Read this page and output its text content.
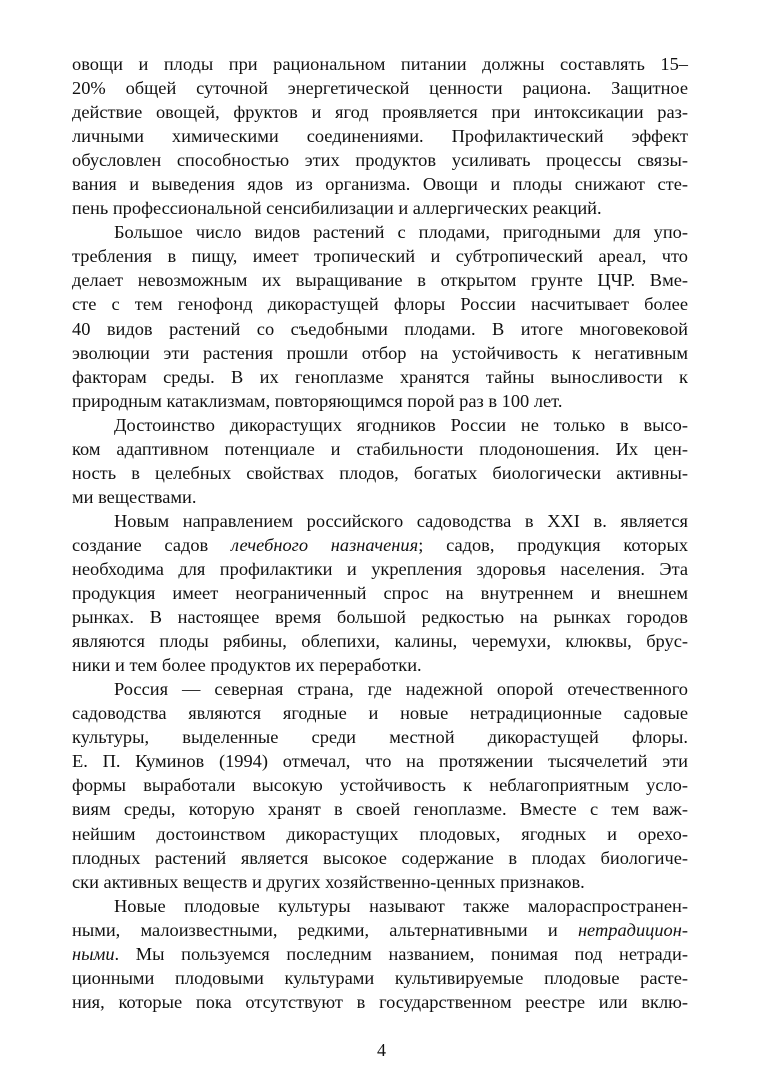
овощи и плоды при рациональном питании должны составлять 15–
20% общей суточной энергетической ценности рациона. Защитное
действие овощей, фруктов и ягод проявляется при интоксикации раз-
личными химическими соединениями. Профилактический эффект
обусловлен способностью этих продуктов усиливать процессы связы-
вания и выведения ядов из организма. Овощи и плоды снижают сте-
пень профессиональной сенсибилизации и аллергических реакций.
Большое число видов растений с плодами, пригодными для упо-
требления в пищу, имеет тропический и субтропический ареал, что
делает невозможным их выращивание в открытом грунте ЦЧР. Вме-
сте с тем генофонд дикорастущей флоры России насчитывает более
40 видов растений со съедобными плодами. В итоге многовековой
эволюции эти растения прошли отбор на устойчивость к негативным
факторам среды. В их геноплазме хранятся тайны выносливости к
природным катаклизмам, повторяющимся порой раз в 100 лет.
Достоинство дикорастущих ягодников России не только в высо-
ком адаптивном потенциале и стабильности плодоношения. Их цен-
ность в целебных свойствах плодов, богатых биологически активны-
ми веществами.
Новым направлением российского садоводства в XXI в. является
создание садов лечебного назначения; садов, продукция которых
необходима для профилактики и укрепления здоровья населения. Эта
продукция имеет неограниченный спрос на внутреннем и внешнем
рынках. В настоящее время большой редкостью на рынках городов
являются плоды рябины, облепихи, калины, черемухи, клюквы, брус-
ники и тем более продуктов их переработки.
Россия — северная страна, где надежной опорой отечественного
садоводства являются ягодные и новые нетрадиционные садовые
культуры, выделенные среди местной дикорастущей флоры.
Е. П. Куминов (1994) отмечал, что на протяжении тысячелетий эти
формы выработали высокую устойчивость к неблагоприятным усло-
виям среды, которую хранят в своей геноплазме. Вместе с тем важ-
нейшим достоинством дикорастущих плодовых, ягодных и орехо-
плодных растений является высокое содержание в плодах биологиче-
ски активных веществ и других хозяйственно-ценных признаков.
Новые плодовые культуры называют также малораспространен-
ными, малоизвестными, редкими, альтернативными и нетрадицион-
ными. Мы пользуемся последним названием, понимая под нетради-
ционными плодовыми культурами культивируемые плодовые расте-
ния, которые пока отсутствуют в государственном реестре или вклю-
4
